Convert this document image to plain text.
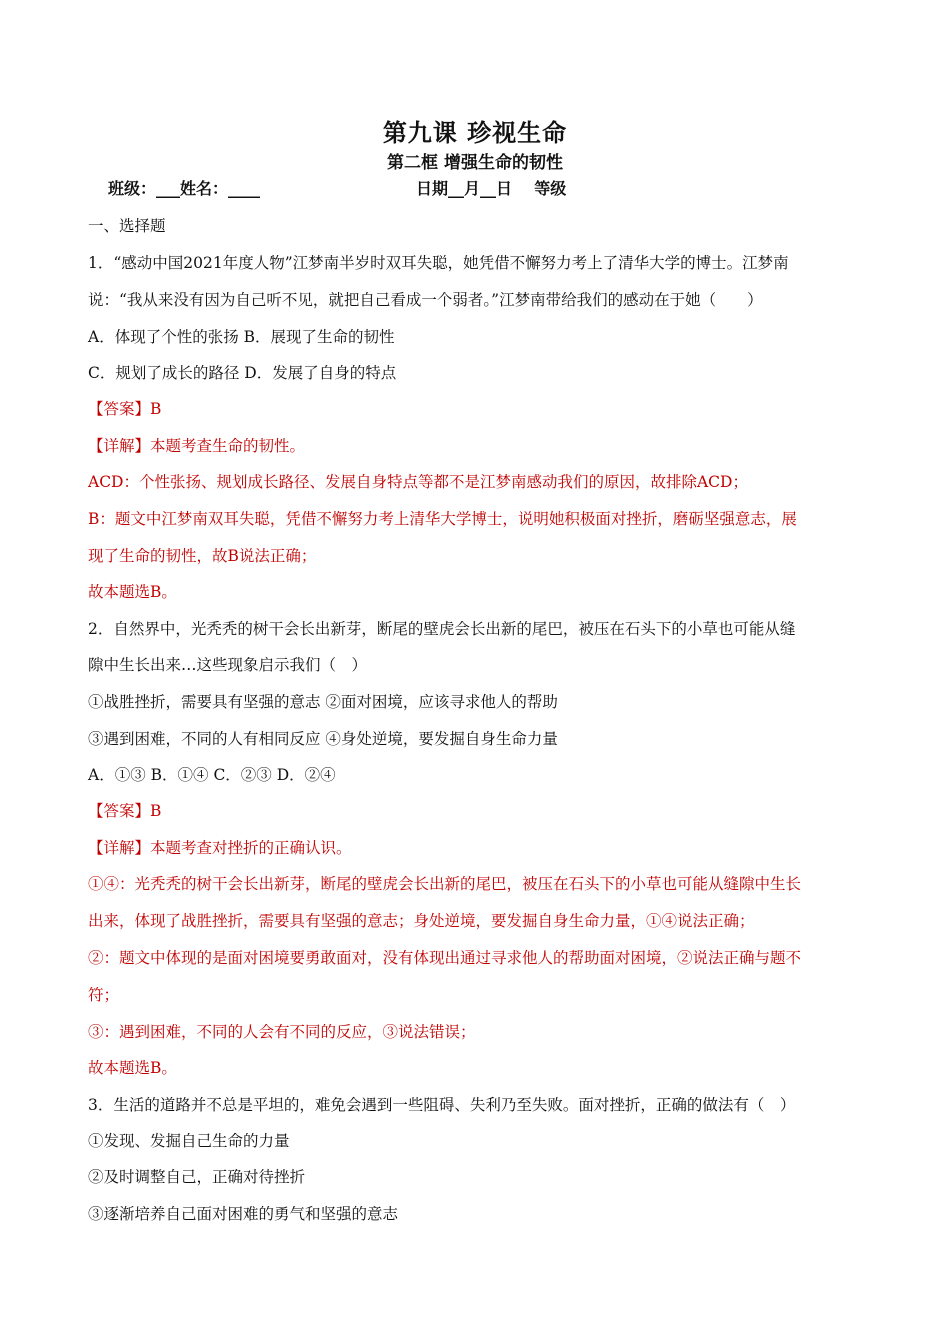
第九课 珍视生命
第二框 增强生命的韧性
班级：___姓名：____	日期__月__日    等级
一、选择题
1．“感动中国2021年度人物”江梦南半岁时双耳失聪，她凭借不懈努力考上了清华大学的博士。江梦南
说：“我从来没有因为自己听不见，就把自己看成一个弱者。”江梦南带给我们的感动在于她（　　）
A．体现了个性的张扬 B．展现了生命的韧性
C．规划了成长的路径 D．发展了自身的特点
【答案】B
【详解】本题考查生命的韧性。
ACD：个性张扬、规划成长路径、发展自身特点等都不是江梦南感动我们的原因，故排除ACD；
B：题文中江梦南双耳失聪，凭借不懈努力考上清华大学博士，说明她积极面对挫折，磨砺坚强意志，展
现了生命的韧性，故B说法正确；
故本题选B。
2．自然界中，光秃秃的树干会长出新芽，断尾的壁虎会长出新的尾巴，被压在石头下的小草也可能从缝
隙中生长出来…这些现象启示我们（　）
①战胜挫折，需要具有坚强的意志 ②面对困境，应该寻求他人的帮助
③遇到困难，不同的人有相同反应 ④身处逆境，要发掘自身生命力量
A．①③ B．①④ C．②③ D．②④
【答案】B
【详解】本题考查对挫折的正确认识。
①④：光秃秃的树干会长出新芽，断尾的壁虎会长出新的尾巴，被压在石头下的小草也可能从缝隙中生长
出来，体现了战胜挫折，需要具有坚强的意志；身处逆境，要发掘自身生命力量，①④说法正确；
②：题文中体现的是面对困境要勇敢面对，没有体现出通过寻求他人的帮助面对困境，②说法正确与题不
符；
③：遇到困难，不同的人会有不同的反应，③说法错误；
故本题选B。
3．生活的道路并不总是平坦的，难免会遇到一些阻碍、失利乃至失败。面对挫折，正确的做法有（　）
①发现、发掘自己生命的力量
②及时调整自己，正确对待挫折
③逐渐培养自己面对困难的勇气和坚强的意志
